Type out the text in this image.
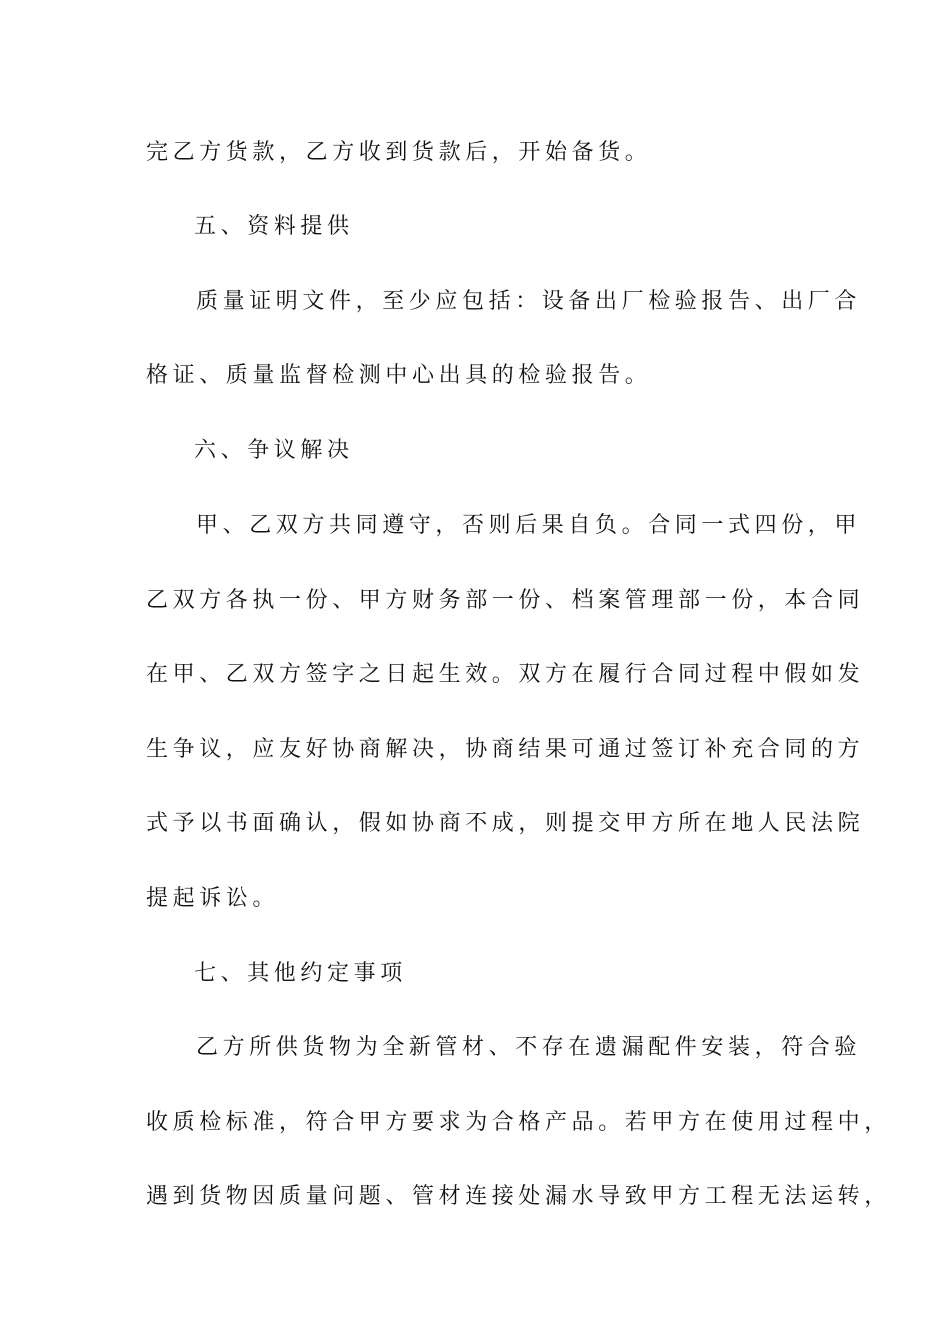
完乙方货款，乙方收到货款后，开始备货。
五、资料提供
质量证明文件，至少应包括：设备出厂检验报告、出厂合
格证、质量监督检测中心出具的检验报告。
六、争议解决
甲、乙双方共同遵守，否则后果自负。合同一式四份，甲
乙双方各执一份、甲方财务部一份、档案管理部一份，本合同
在甲、乙双方签字之日起生效。双方在履行合同过程中假如发
生争议，应友好协商解决，协商结果可通过签订补充合同的方
式予以书面确认，假如协商不成，则提交甲方所在地人民法院
提起诉讼。
七、其他约定事项
乙方所供货物为全新管材、不存在遗漏配件安装，符合验
收质检标准，符合甲方要求为合格产品。若甲方在使用过程中，
遇到货物因质量问题、管材连接处漏水导致甲方工程无法运转，
